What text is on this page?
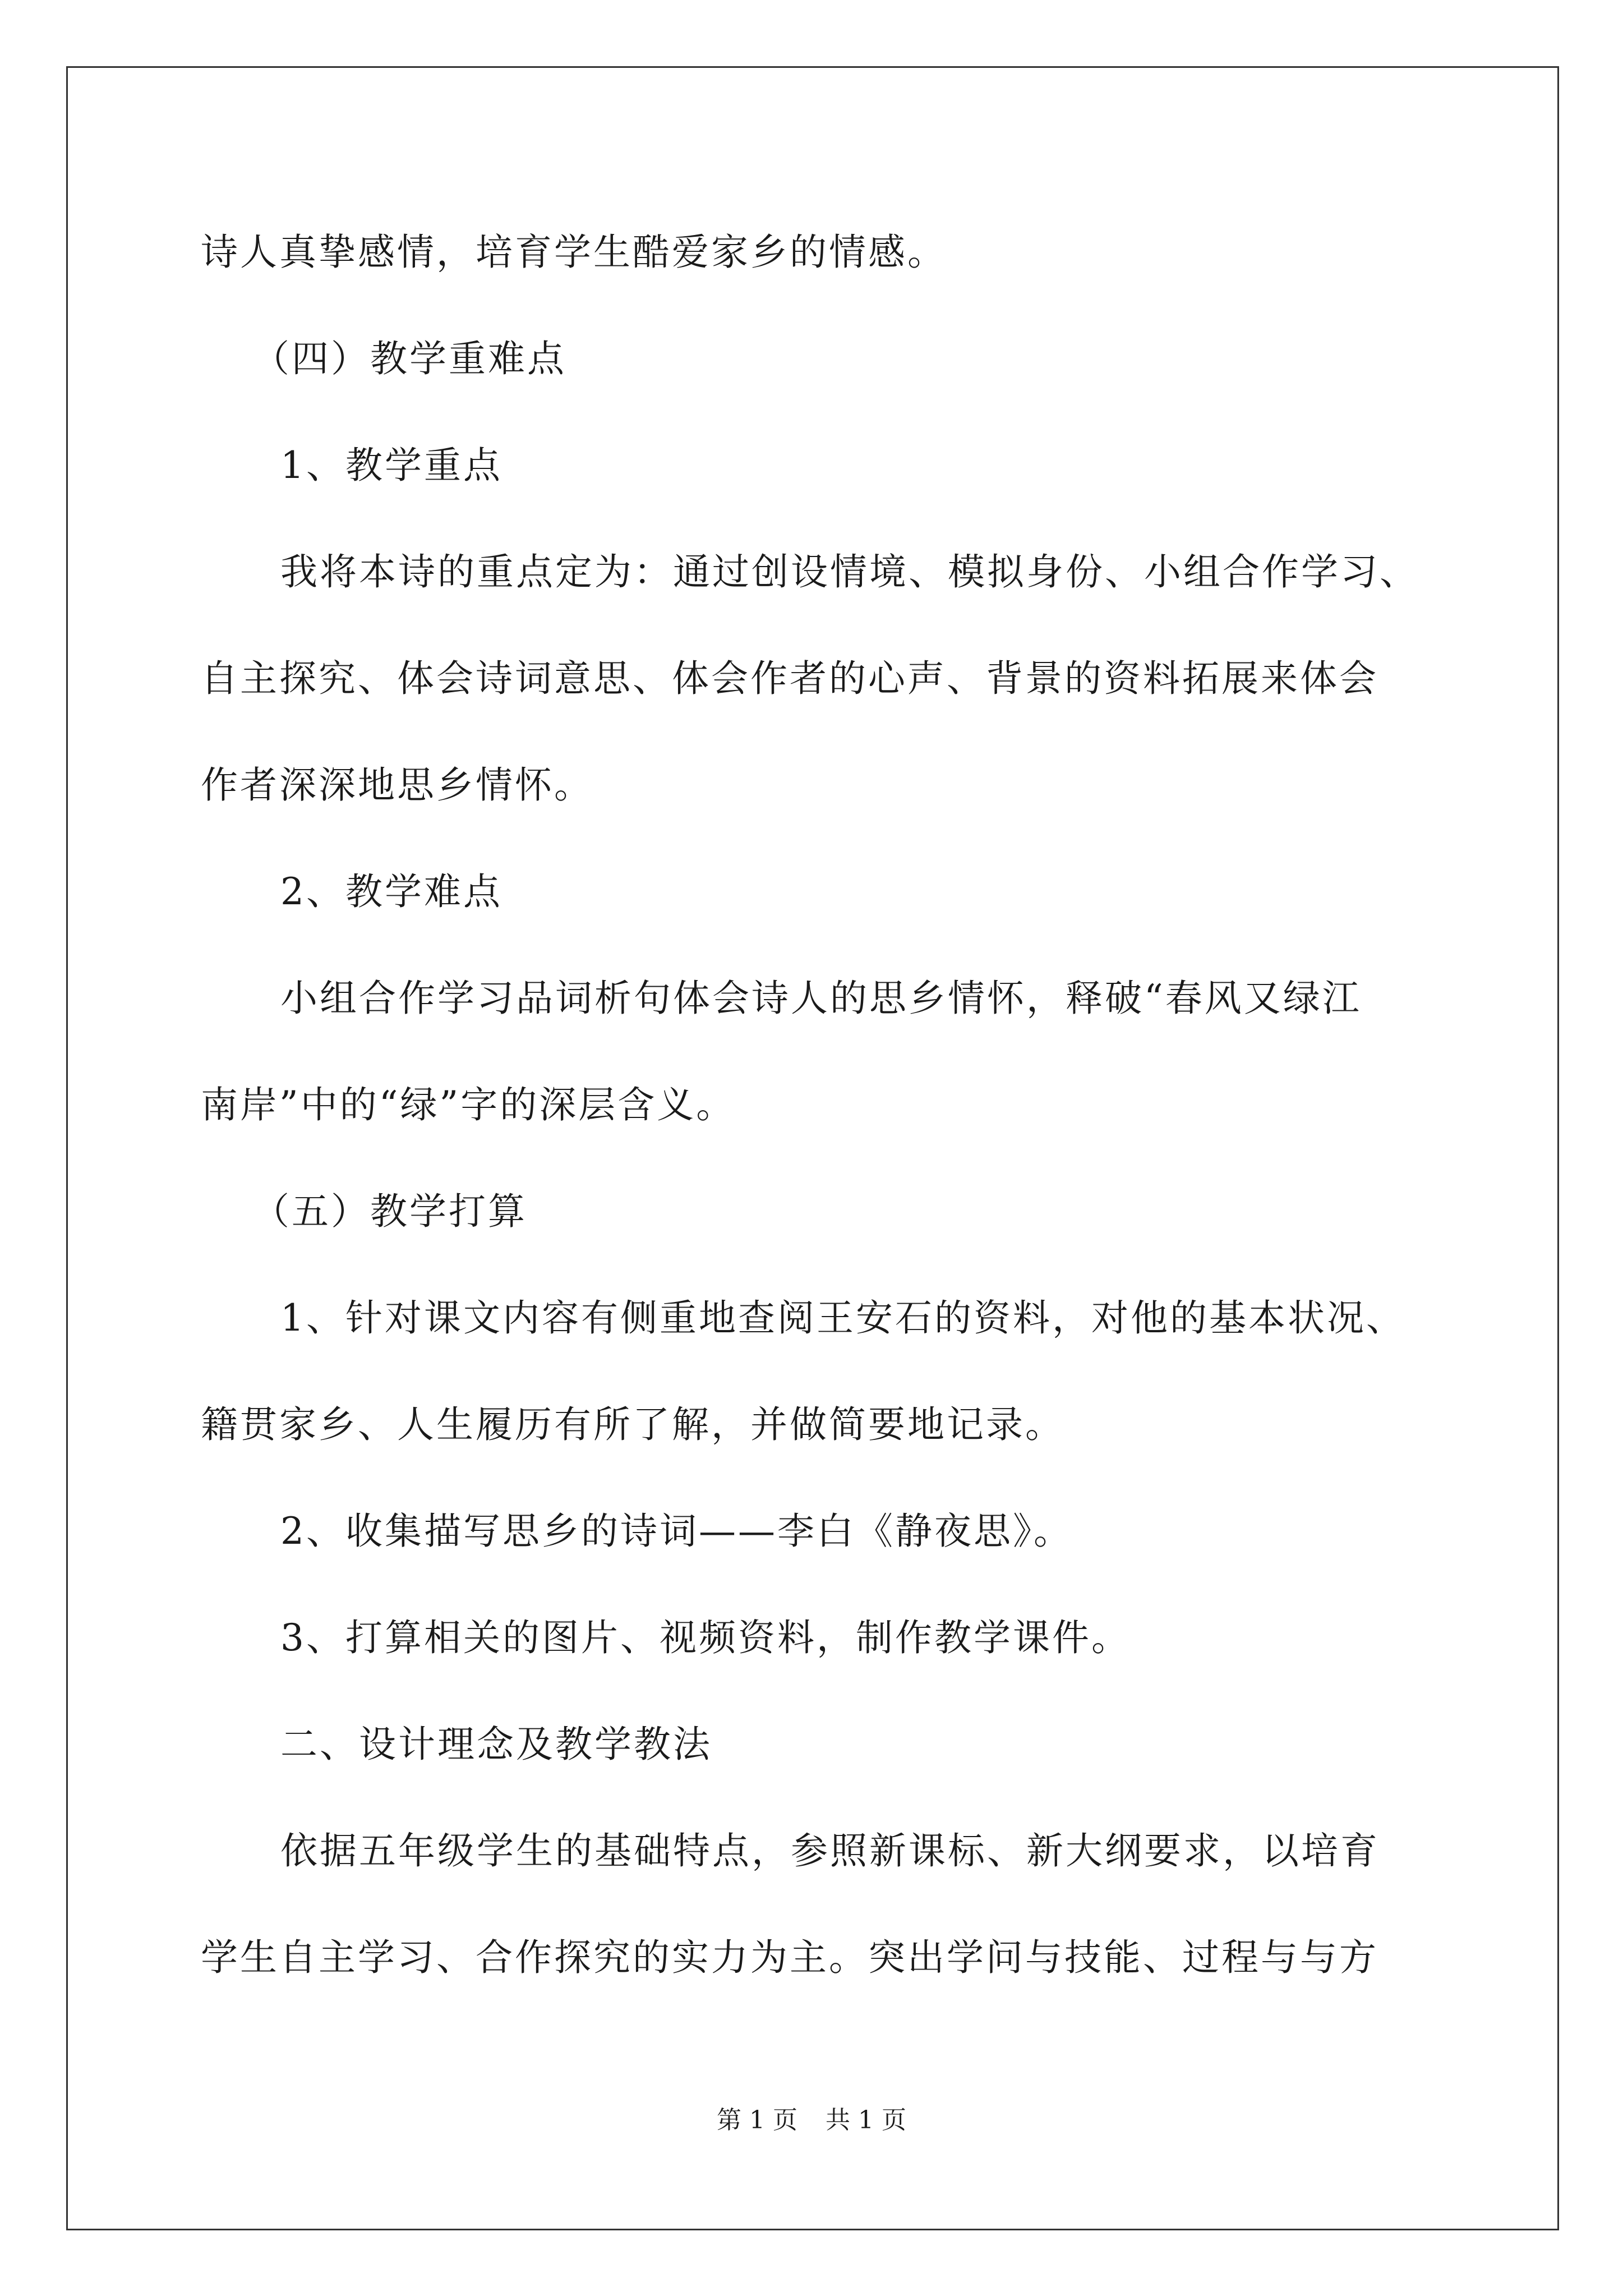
诗人真挚感情，培育学生酷爱家乡的情感。
（四）教学重难点
1、教学重点
我将本诗的重点定为：通过创设情境、模拟身份、小组合作学习、
自主探究、体会诗词意思、体会作者的心声、背景的资料拓展来体会
作者深深地思乡情怀。
2、教学难点
小组合作学习品词析句体会诗人的思乡情怀，释破“春风又绿江
南岸”中的“绿”字的深层含义。
（五）教学打算
1、针对课文内容有侧重地查阅王安石的资料，对他的基本状况、
籍贯家乡、人生履历有所了解，并做简要地记录。
2、收集描写思乡的诗词——李白《静夜思》。
3、打算相关的图片、视频资料，制作教学课件。
二、设计理念及教学教法
依据五年级学生的基础特点，参照新课标、新大纲要求，以培育
学生自主学习、合作探究的实力为主。突出学问与技能、过程与与方
第 1 页 共 1 页
